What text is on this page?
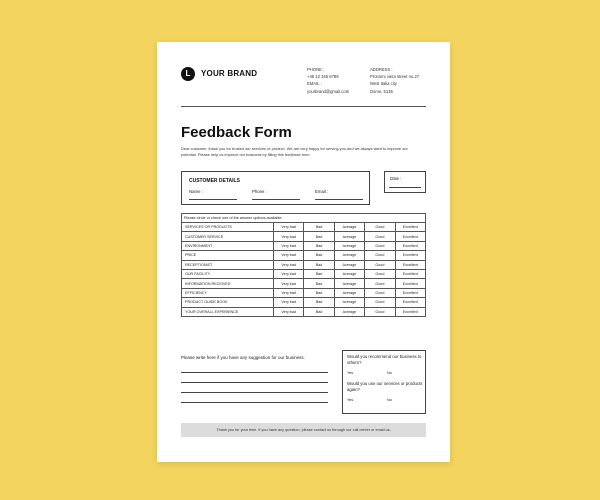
L YOUR BRAND	PHONE :
+46 12 345 6789
EMAIL :
yourbrand@gmail.com
ADDRESS :
Pronomi viera street no.27
West Italia city
Dome, 5136
Feedback Form
Dear customer, thank you for trusted our services or product. We are very happy for serving you and we always want to improve our potential. Please help us improve our business by filling this feedback form.
CUSTOMER DETAILS
Name :	Phone :	Email :
Date :
Please circle or check one of the answer options available.					
SERVICES OR PRODUCTS	Very bad	Bad	Average	Good	Excellent
CUSTOMER SERVICE	Very bad	Bad	Average	Good	Excellent
ENVIRONMENT	Very bad	Bad	Average	Good	Excellent
PRICE	Very bad	Bad	Average	Good	Excellent
RECEPTIONIST	Very bad	Bad	Average	Good	Excellent
OUR FACILITY	Very bad	Bad	Average	Good	Excellent
INFORMATION RECEIVED	Very bad	Bad	Average	Good	Excellent
EFFICIENCY	Very bad	Bad	Average	Good	Excellent
PRODUCT GUIDE BOOK	Very bad	Bad	Average	Good	Excellent
YOUR OVERALL EXPERIENCE	Very bad	Bad	Average	Good	Excellent
Please write here if you have any suggestion for our business.	Would you recommend our business to others?
Yes	No
Would you use our services or products again?
Yes	No
Thank you for your time. If you have any question, please contact us through our call center or email us.
